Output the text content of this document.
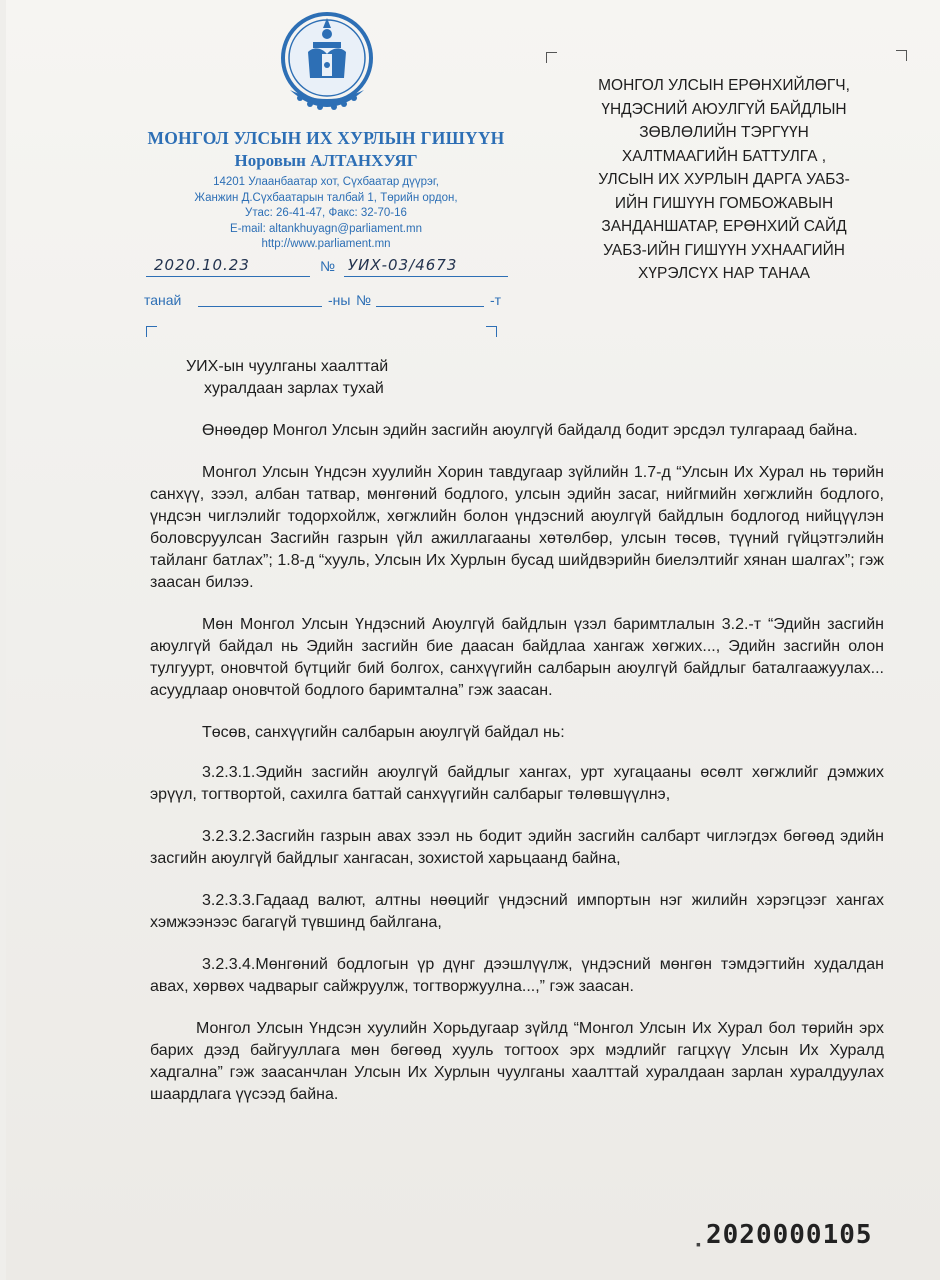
МОНГОЛ УЛСЫН ИХ ХУРЛЫН ГИШҮҮН
Норовын АЛТАНХУЯГ
14201 Улаанбаатар хот, Сүхбаатар дүүрэг,
Жанжин Д.Сүхбаатарын талбай 1, Төрийн ордон,
Утас: 26-41-47, Факс: 32-70-16
E-mail: altankhuyagn@parliament.mn
http://www.parliament.mn
2020.10.23	№ УИХ-03/4673
танай	-ны №	-т
МОНГОЛ УЛСЫН ЕРӨНХИЙЛӨГЧ,
ҮНДЭСНИЙ АЮУЛГҮЙ БАЙДЛЫН
ЗӨВЛӨЛИЙН ТЭРГҮҮН
ХАЛТМААГИЙН БАТТУЛГА ,
УЛСЫН ИХ ХУРЛЫН ДАРГА УАБЗ-
ИЙН ГИШҮҮН ГОМБОЖАВЫН
ЗАНДАНШАТАР, ЕРӨНХИЙ САЙД
УАБЗ-ИЙН ГИШҮҮН УХНААГИЙН
ХҮРЭЛСҮХ НАР ТАНАА
УИХ-ын чуулганы хаалттай
хуралдаан зарлах тухай

Өнөөдөр Монгол Улсын эдийн засгийн аюулгүй байдалд бодит эрсдэл тулгараад байна.

Монгол Улсын Үндсэн хуулийн Хорин тавдугаар зүйлийн 1.7-д “Улсын Их Хурал нь төрийн санхүү, зээл, албан татвар, мөнгөний бодлого, улсын эдийн засаг, нийгмийн хөгжлийн бодлого, үндсэн чиглэлийг тодорхойлж, хөгжлийн болон үндэсний аюулгүй байдлын бодлогод нийцүүлэн боловсруулсан Засгийн газрын үйл ажиллагааны хөтөлбөр, улсын төсөв, түүний гүйцэтгэлийн тайланг батлах”; 1.8-д “хууль, Улсын Их Хурлын бусад шийдвэрийн биелэлтийг хянан шалгах”; гэж заасан билээ.

Мөн Монгол Улсын Үндэсний Аюулгүй байдлын үзэл баримтлалын 3.2.-т “Эдийн засгийн аюулгүй байдал нь Эдийн засгийн бие даасан байдлаа хангаж хөгжих..., Эдийн засгийн олон тулгуурт, оновчтой бүтцийг бий болгох, санхүүгийн салбарын аюулгүй байдлыг баталгаажуулах... асуудлаар оновчтой бодлого баримтална” гэж заасан.

Төсөв, санхүүгийн салбарын аюулгүй байдал нь:

3.2.3.1.Эдийн засгийн аюулгүй байдлыг хангах, урт хугацааны өсөлт хөгжлийг дэмжих эрүүл, тогтвортой, сахилга баттай санхүүгийн салбарыг төлөвшүүлнэ,

3.2.3.2.Засгийн газрын авах зээл нь бодит эдийн засгийн салбарт чиглэгдэх бөгөөд эдийн засгийн аюулгүй байдлыг хангасан, зохистой харьцаанд байна,

3.2.3.3.Гадаад валют, алтны нөөцийг үндэсний импортын нэг жилийн хэрэгцээг хангах хэмжээнээс багагүй түвшинд байлгана,

3.2.3.4.Мөнгөний бодлогын үр дүнг дээшлүүлж, үндэсний мөнгөн тэмдэгтийн худалдан авах, хөрвөх чадварыг сайжруулж, тогтворжуулна...,” гэж заасан.

Монгол Улсын Үндсэн хуулийн Хорьдугаар зүйлд “Монгол Улсын Их Хурал бол төрийн эрх барих дээд байгууллага мөн бөгөөд хууль тогтоох эрх мэдлийг гагцхүү Улсын Их Хуралд хадгална” гэж заасанчлан Улсын Их Хурлын чуулганы хаалттай хуралдаан зарлан хуралдуулах шаардлага үүсээд байна.

▪ 2020000105
